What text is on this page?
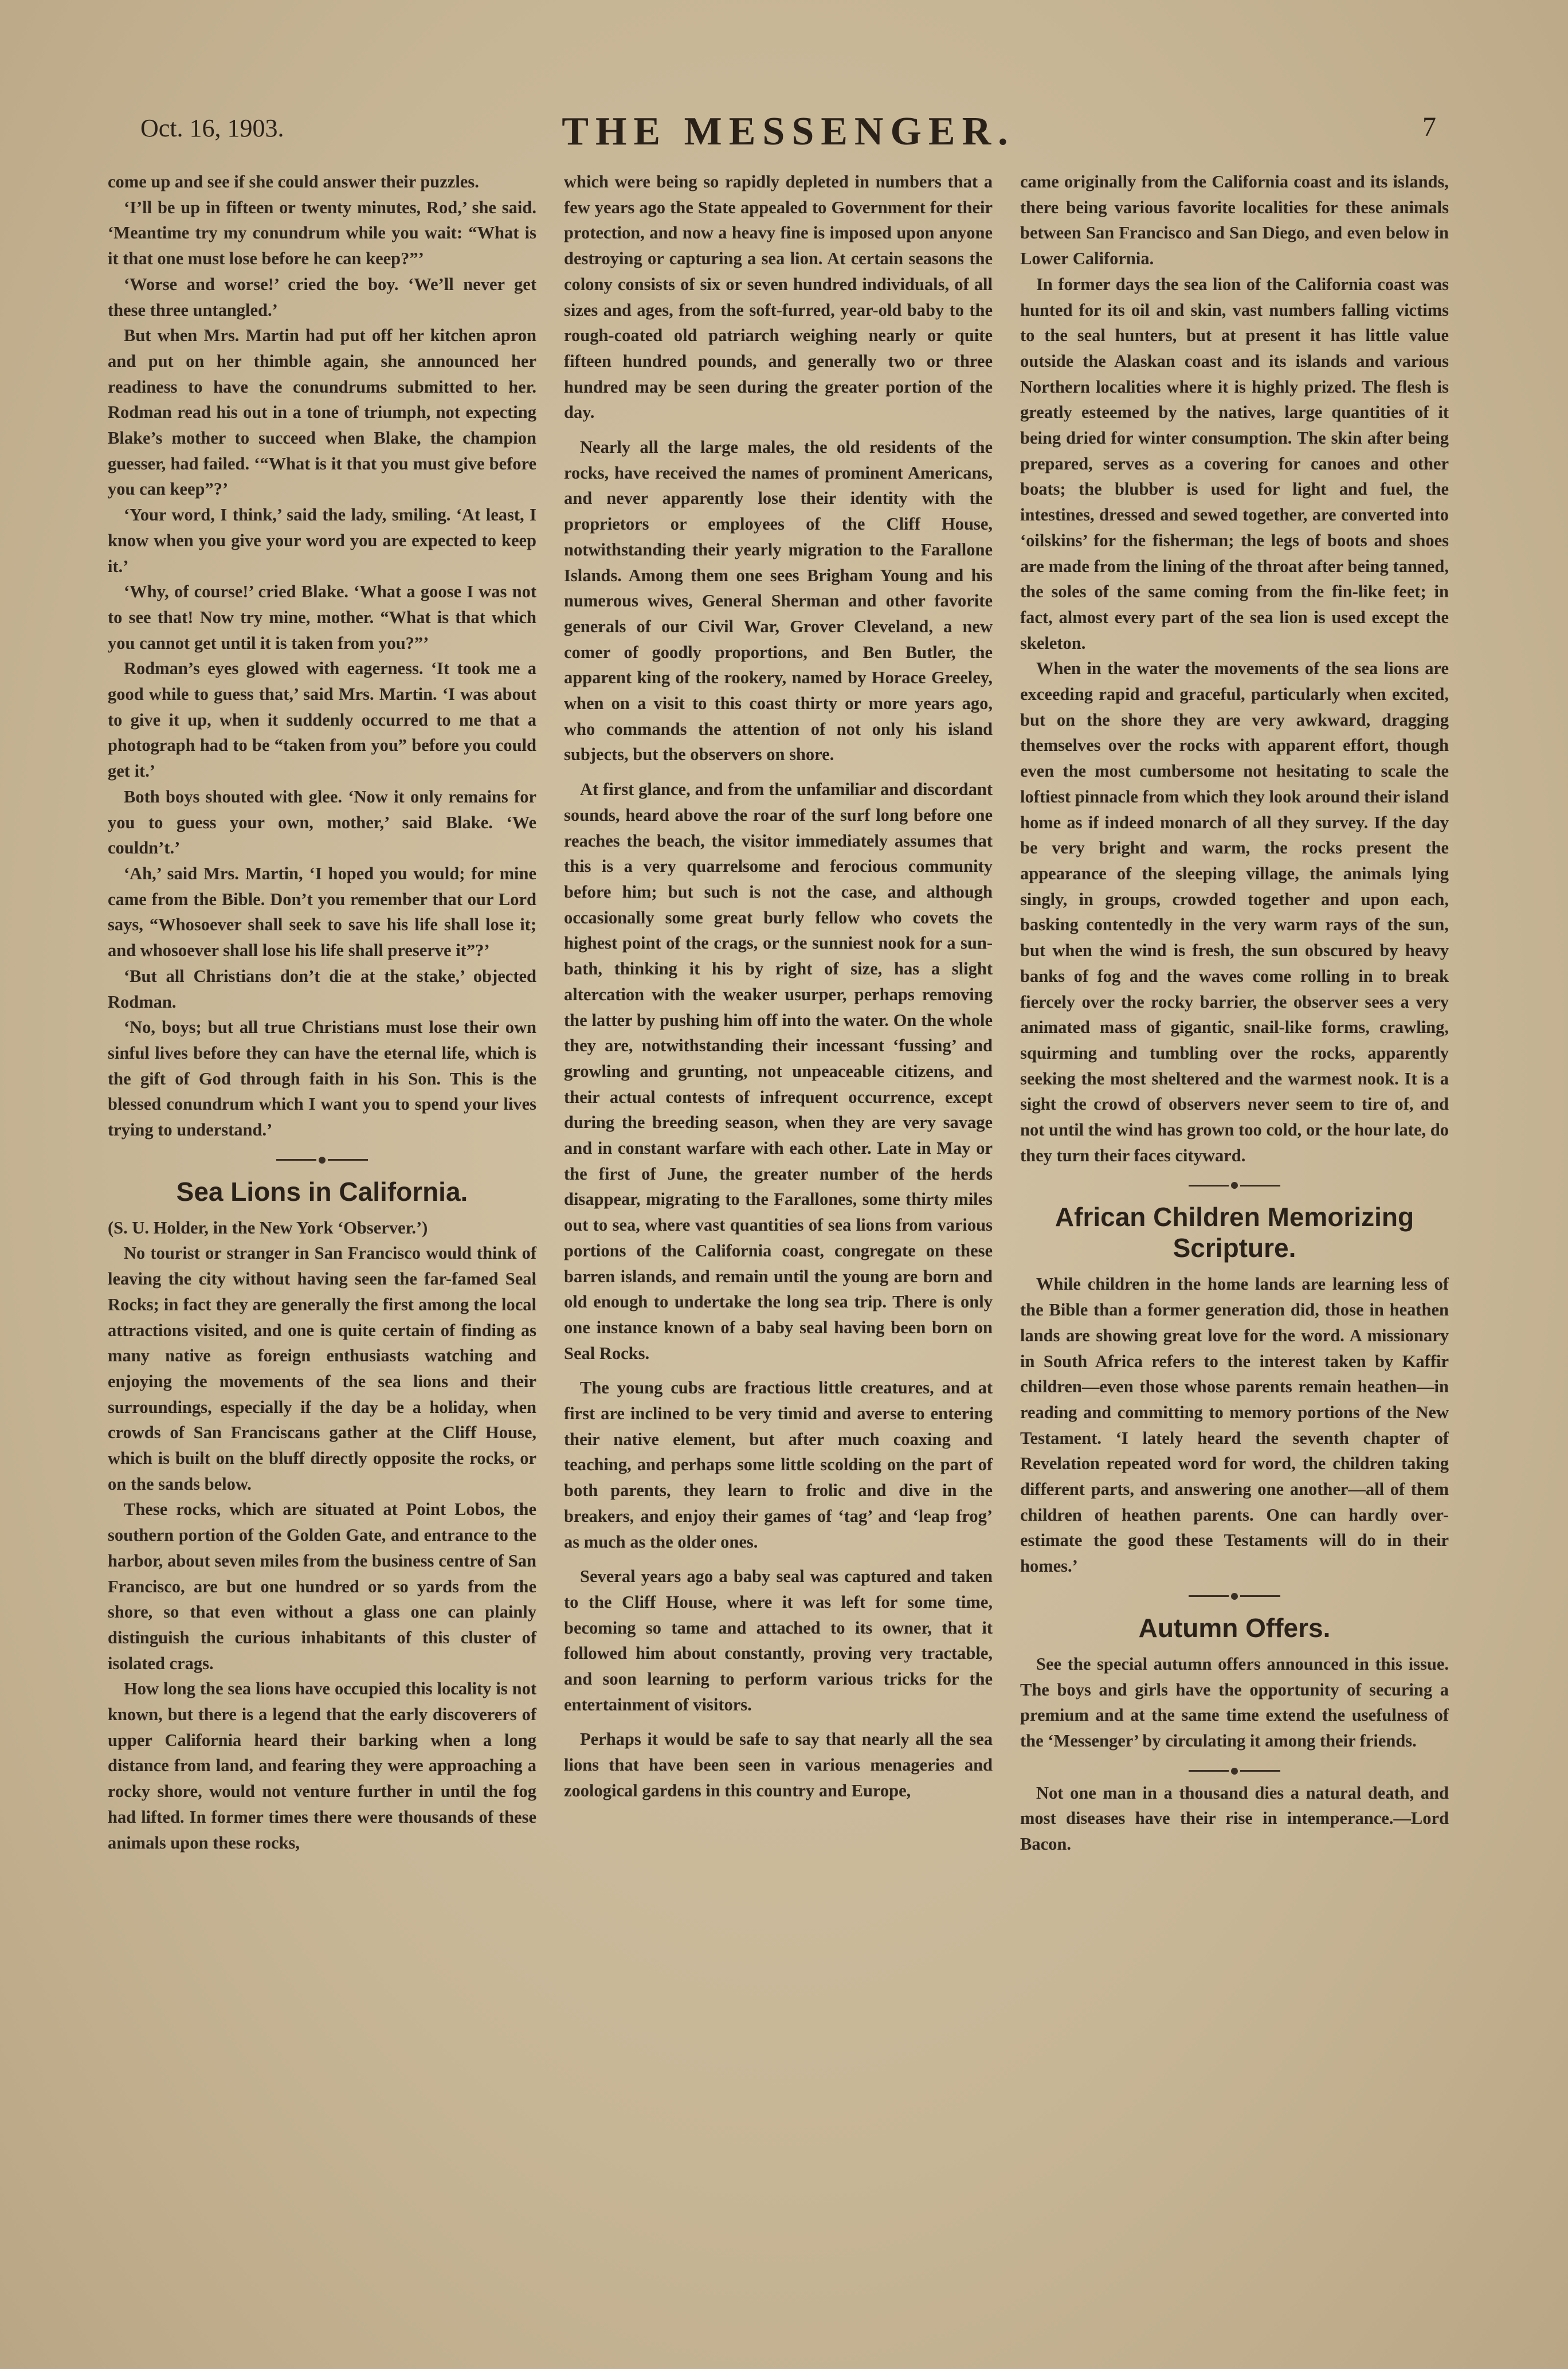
Oct. 16, 1903.	THE MESSENGER.	7

come up and see if she could answer their puzzles.

‘I’ll be up in fifteen or twenty minutes, Rod,’ she said. ‘Meantime try my conundrum while you wait: “What is it that one must lose before he can keep?”’

‘Worse and worse!’ cried the boy. ‘We’ll never get these three untangled.’

But when Mrs. Martin had put off her kitchen apron and put on her thimble again, she announced her readiness to have the conundrums submitted to her. Rodman read his out in a tone of triumph, not expecting Blake’s mother to succeed when Blake, the champion guesser, had failed. ‘“What is it that you must give before you can keep”?’

‘Your word, I think,’ said the lady, smiling. ‘At least, I know when you give your word you are expected to keep it.’

‘Why, of course!’ cried Blake. ‘What a goose I was not to see that! Now try mine, mother. “What is that which you cannot get until it is taken from you?”’

Rodman’s eyes glowed with eagerness. ‘It took me a good while to guess that,’ said Mrs. Martin. ‘I was about to give it up, when it suddenly occurred to me that a photograph had to be “taken from you” before you could get it.’

Both boys shouted with glee. ‘Now it only remains for you to guess your own, mother,’ said Blake. ‘We couldn’t.’

‘Ah,’ said Mrs. Martin, ‘I hoped you would; for mine came from the Bible. Don’t you remember that our Lord says, “Whosoever shall seek to save his life shall lose it; and whosoever shall lose his life shall preserve it”?’

‘But all Christians don’t die at the stake,’ objected Rodman.

‘No, boys; but all true Christians must lose their own sinful lives before they can have the eternal life, which is the gift of God through faith in his Son. This is the blessed conundrum which I want you to spend your lives trying to understand.’

Sea Lions in California.

(S. U. Holder, in the New York ‘Observer.’)

No tourist or stranger in San Francisco would think of leaving the city without having seen the far-famed Seal Rocks; in fact they are generally the first among the local attractions visited, and one is quite certain of finding as many native as foreign enthusiasts watching and enjoying the movements of the sea lions and their surroundings, especially if the day be a holiday, when crowds of San Franciscans gather at the Cliff House, which is built on the bluff directly opposite the rocks, or on the sands below.

These rocks, which are situated at Point Lobos, the southern portion of the Golden Gate, and entrance to the harbor, about seven miles from the business centre of San Francisco, are but one hundred or so yards from the shore, so that even without a glass one can plainly distinguish the curious inhabitants of this cluster of isolated crags.

How long the sea lions have occupied this locality is not known, but there is a legend that the early discoverers of upper California heard their barking when a long distance from land, and fearing they were approaching a rocky shore, would not venture further in until the fog had lifted. In former times there were thousands of these animals upon these rocks,

which were being so rapidly depleted in numbers that a few years ago the State appealed to Government for their protection, and now a heavy fine is imposed upon anyone destroying or capturing a sea lion. At certain seasons the colony consists of six or seven hundred individuals, of all sizes and ages, from the soft-furred, year-old baby to the rough-coated old patriarch weighing nearly or quite fifteen hundred pounds, and generally two or three hundred may be seen during the greater portion of the day.

Nearly all the large males, the old residents of the rocks, have received the names of prominent Americans, and never apparently lose their identity with the proprietors or employees of the Cliff House, notwithstanding their yearly migration to the Farallone Islands. Among them one sees Brigham Young and his numerous wives, General Sherman and other favorite generals of our Civil War, Grover Cleveland, a new comer of goodly proportions, and Ben Butler, the apparent king of the rookery, named by Horace Greeley, when on a visit to this coast thirty or more years ago, who commands the attention of not only his island subjects, but the observers on shore.

At first glance, and from the unfamiliar and discordant sounds, heard above the roar of the surf long before one reaches the beach, the visitor immediately assumes that this is a very quarrelsome and ferocious community before him; but such is not the case, and although occasionally some great burly fellow who covets the highest point of the crags, or the sunniest nook for a sun-bath, thinking it his by right of size, has a slight altercation with the weaker usurper, perhaps removing the latter by pushing him off into the water. On the whole they are, notwithstanding their incessant ‘fussing’ and growling and grunting, not unpeaceable citizens, and their actual contests of infrequent occurrence, except during the breeding season, when they are very savage and in constant warfare with each other. Late in May or the first of June, the greater number of the herds disappear, migrating to the Farallones, some thirty miles out to sea, where vast quantities of sea lions from various portions of the California coast, congregate on these barren islands, and remain until the young are born and old enough to undertake the long sea trip. There is only one instance known of a baby seal having been born on Seal Rocks.

The young cubs are fractious little creatures, and at first are inclined to be very timid and averse to entering their native element, but after much coaxing and teaching, and perhaps some little scolding on the part of both parents, they learn to frolic and dive in the breakers, and enjoy their games of ‘tag’ and ‘leap frog’ as much as the older ones.

Several years ago a baby seal was captured and taken to the Cliff House, where it was left for some time, becoming so tame and attached to its owner, that it followed him about constantly, proving very tractable, and soon learning to perform various tricks for the entertainment of visitors.

Perhaps it would be safe to say that nearly all the sea lions that have been seen in various menageries and zoological gardens in this country and Europe,

came originally from the California coast and its islands, there being various favorite localities for these animals between San Francisco and San Diego, and even below in Lower California.

In former days the sea lion of the California coast was hunted for its oil and skin, vast numbers falling victims to the seal hunters, but at present it has little value outside the Alaskan coast and its islands and various Northern localities where it is highly prized. The flesh is greatly esteemed by the natives, large quantities of it being dried for winter consumption. The skin after being prepared, serves as a covering for canoes and other boats; the blubber is used for light and fuel, the intestines, dressed and sewed together, are converted into ‘oilskins’ for the fisherman; the legs of boots and shoes are made from the lining of the throat after being tanned, the soles of the same coming from the fin-like feet; in fact, almost every part of the sea lion is used except the skeleton.

When in the water the movements of the sea lions are exceeding rapid and graceful, particularly when excited, but on the shore they are very awkward, dragging themselves over the rocks with apparent effort, though even the most cumbersome not hesitating to scale the loftiest pinnacle from which they look around their island home as if indeed monarch of all they survey. If the day be very bright and warm, the rocks present the appearance of the sleeping village, the animals lying singly, in groups, crowded together and upon each, basking contentedly in the very warm rays of the sun, but when the wind is fresh, the sun obscured by heavy banks of fog and the waves come rolling in to break fiercely over the rocky barrier, the observer sees a very animated mass of gigantic, snail-like forms, crawling, squirming and tumbling over the rocks, apparently seeking the most sheltered and the warmest nook. It is a sight the crowd of observers never seem to tire of, and not until the wind has grown too cold, or the hour late, do they turn their faces cityward.

African Children Memorizing Scripture.

While children in the home lands are learning less of the Bible than a former generation did, those in heathen lands are showing great love for the word. A missionary in South Africa refers to the interest taken by Kaffir children—even those whose parents remain heathen—in reading and committing to memory portions of the New Testament. ‘I lately heard the seventh chapter of Revelation repeated word for word, the children taking different parts, and answering one another—all of them children of heathen parents. One can hardly over-estimate the good these Testaments will do in their homes.’

Autumn Offers.

See the special autumn offers announced in this issue. The boys and girls have the opportunity of securing a premium and at the same time extend the usefulness of the ‘Messenger’ by circulating it among their friends.

Not one man in a thousand dies a natural death, and most diseases have their rise in intemperance.—Lord Bacon.
